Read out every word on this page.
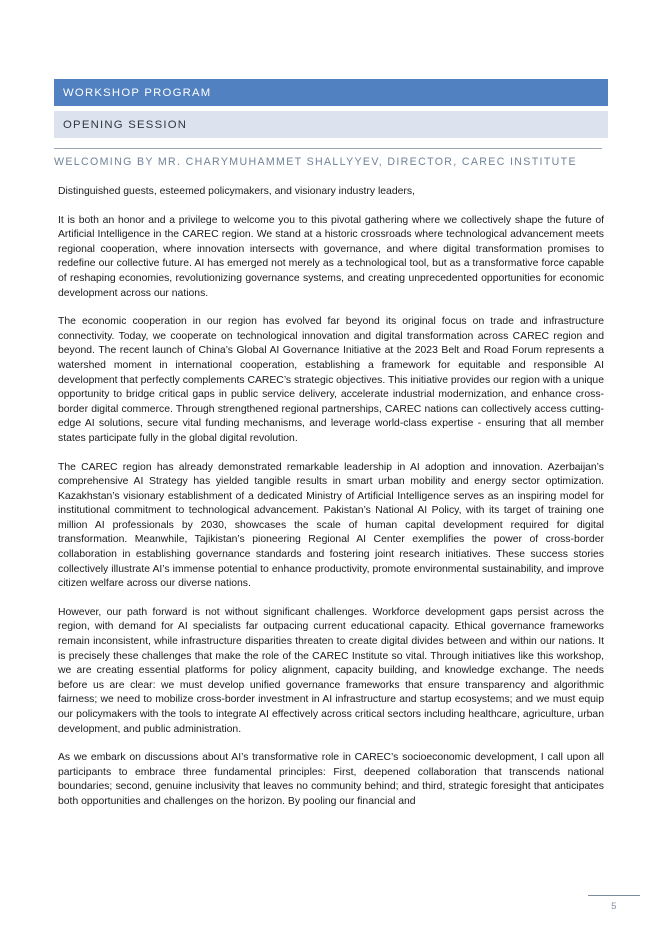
WORKSHOP PROGRAM
OPENING SESSION
WELCOMING BY MR. CHARYMUHAMMET SHALLYYEV, DIRECTOR, CAREC INSTITUTE

Distinguished guests, esteemed policymakers, and visionary industry leaders,

It is both an honor and a privilege to welcome you to this pivotal gathering where we collectively shape the future of Artificial Intelligence in the CAREC region. We stand at a historic crossroads where technological advancement meets regional cooperation, where innovation intersects with governance, and where digital transformation promises to redefine our collective future. AI has emerged not merely as a technological tool, but as a transformative force capable of reshaping economies, revolutionizing governance systems, and creating unprecedented opportunities for economic development across our nations.

The economic cooperation in our region has evolved far beyond its original focus on trade and infrastructure connectivity. Today, we cooperate on technological innovation and digital transformation across CAREC region and beyond. The recent launch of China’s Global AI Governance Initiative at the 2023 Belt and Road Forum represents a watershed moment in international cooperation, establishing a framework for equitable and responsible AI development that perfectly complements CAREC’s strategic objectives. This initiative provides our region with a unique opportunity to bridge critical gaps in public service delivery, accelerate industrial modernization, and enhance cross-border digital commerce. Through strengthened regional partnerships, CAREC nations can collectively access cutting-edge AI solutions, secure vital funding mechanisms, and leverage world-class expertise - ensuring that all member states participate fully in the global digital revolution.

The CAREC region has already demonstrated remarkable leadership in AI adoption and innovation. Azerbaijan’s comprehensive AI Strategy has yielded tangible results in smart urban mobility and energy sector optimization. Kazakhstan’s visionary establishment of a dedicated Ministry of Artificial Intelligence serves as an inspiring model for institutional commitment to technological advancement. Pakistan’s National AI Policy, with its target of training one million AI professionals by 2030, showcases the scale of human capital development required for digital transformation. Meanwhile, Tajikistan’s pioneering Regional AI Center exemplifies the power of cross-border collaboration in establishing governance standards and fostering joint research initiatives. These success stories collectively illustrate AI’s immense potential to enhance productivity, promote environmental sustainability, and improve citizen welfare across our diverse nations.

However, our path forward is not without significant challenges. Workforce development gaps persist across the region, with demand for AI specialists far outpacing current educational capacity. Ethical governance frameworks remain inconsistent, while infrastructure disparities threaten to create digital divides between and within our nations. It is precisely these challenges that make the role of the CAREC Institute so vital. Through initiatives like this workshop, we are creating essential platforms for policy alignment, capacity building, and knowledge exchange. The needs before us are clear: we must develop unified governance frameworks that ensure transparency and algorithmic fairness; we need to mobilize cross-border investment in AI infrastructure and startup ecosystems; and we must equip our policymakers with the tools to integrate AI effectively across critical sectors including healthcare, agriculture, urban development, and public administration.

As we embark on discussions about AI’s transformative role in CAREC’s socioeconomic development, I call upon all participants to embrace three fundamental principles: First, deepened collaboration that transcends national boundaries; second, genuine inclusivity that leaves no community behind; and third, strategic foresight that anticipates both opportunities and challenges on the horizon. By pooling our financial and

5
